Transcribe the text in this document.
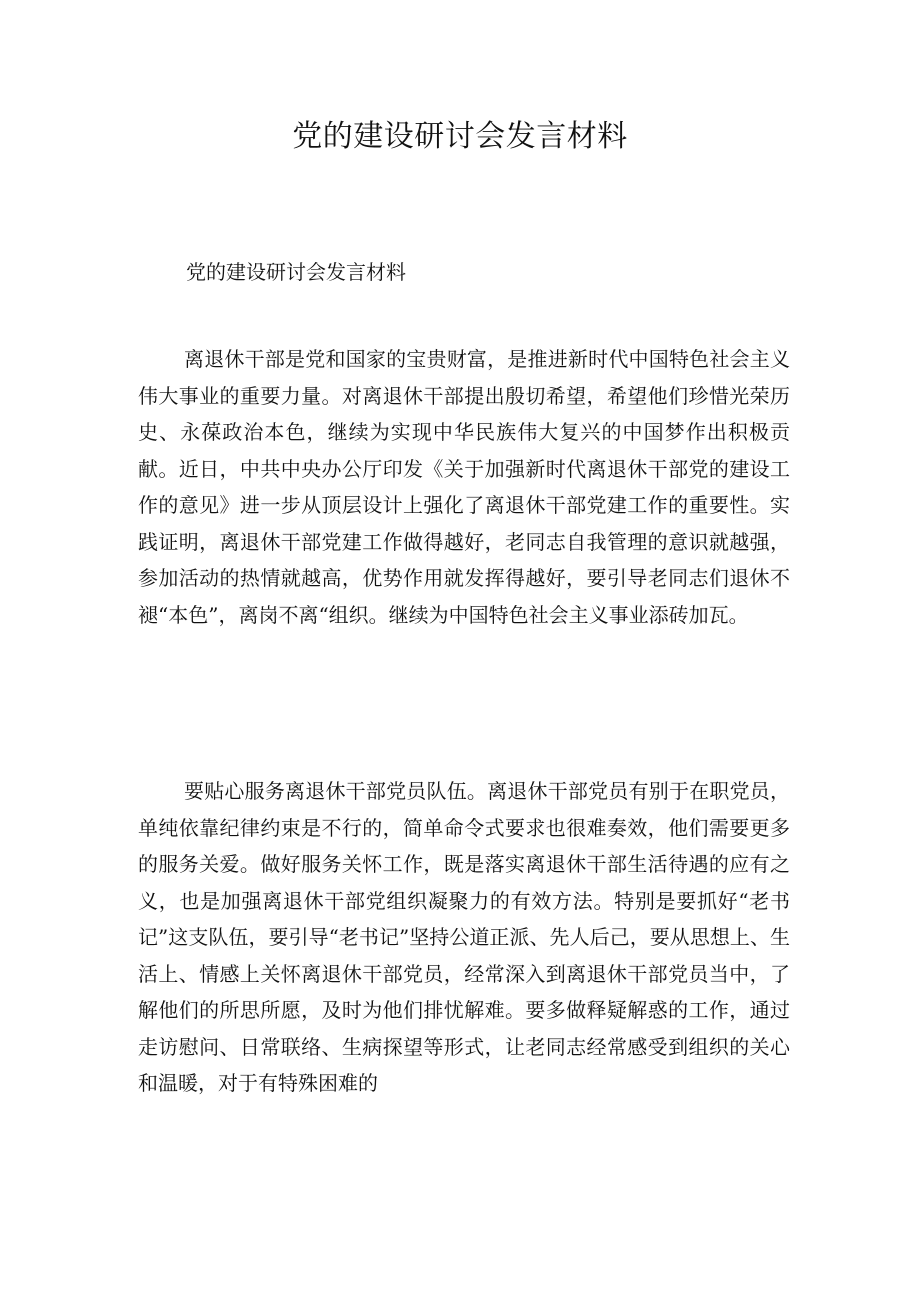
党的建设研讨会发言材料

党的建设研讨会发言材料

离退休干部是党和国家的宝贵财富，是推进新时代中国特色社会主义伟大事业的重要力量。对离退休干部提出殷切希望，希望他们珍惜光荣历史、永葆政治本色，继续为实现中华民族伟大复兴的中国梦作出积极贡献。近日，中共中央办公厅印发《关于加强新时代离退休干部党的建设工作的意见》进一步从顶层设计上强化了离退休干部党建工作的重要性。实践证明，离退休干部党建工作做得越好，老同志自我管理的意识就越强，参加活动的热情就越高，优势作用就发挥得越好，要引导老同志们退休不褪“本色”，离岗不离“组织。继续为中国特色社会主义事业添砖加瓦。

要贴心服务离退休干部党员队伍。离退休干部党员有别于在职党员，单纯依靠纪律约束是不行的，简单命令式要求也很难奏效，他们需要更多的服务关爱。做好服务关怀工作，既是落实离退休干部生活待遇的应有之义，也是加强离退休干部党组织凝聚力的有效方法。特别是要抓好“老书记”这支队伍，要引导“老书记”坚持公道正派、先人后己，要从思想上、生活上、情感上关怀离退休干部党员，经常深入到离退休干部党员当中，了解他们的所思所愿，及时为他们排忧解难。要多做释疑解惑的工作，通过走访慰问、日常联络、生病探望等形式，让老同志经常感受到组织的关心和温暖，对于有特殊困难的
